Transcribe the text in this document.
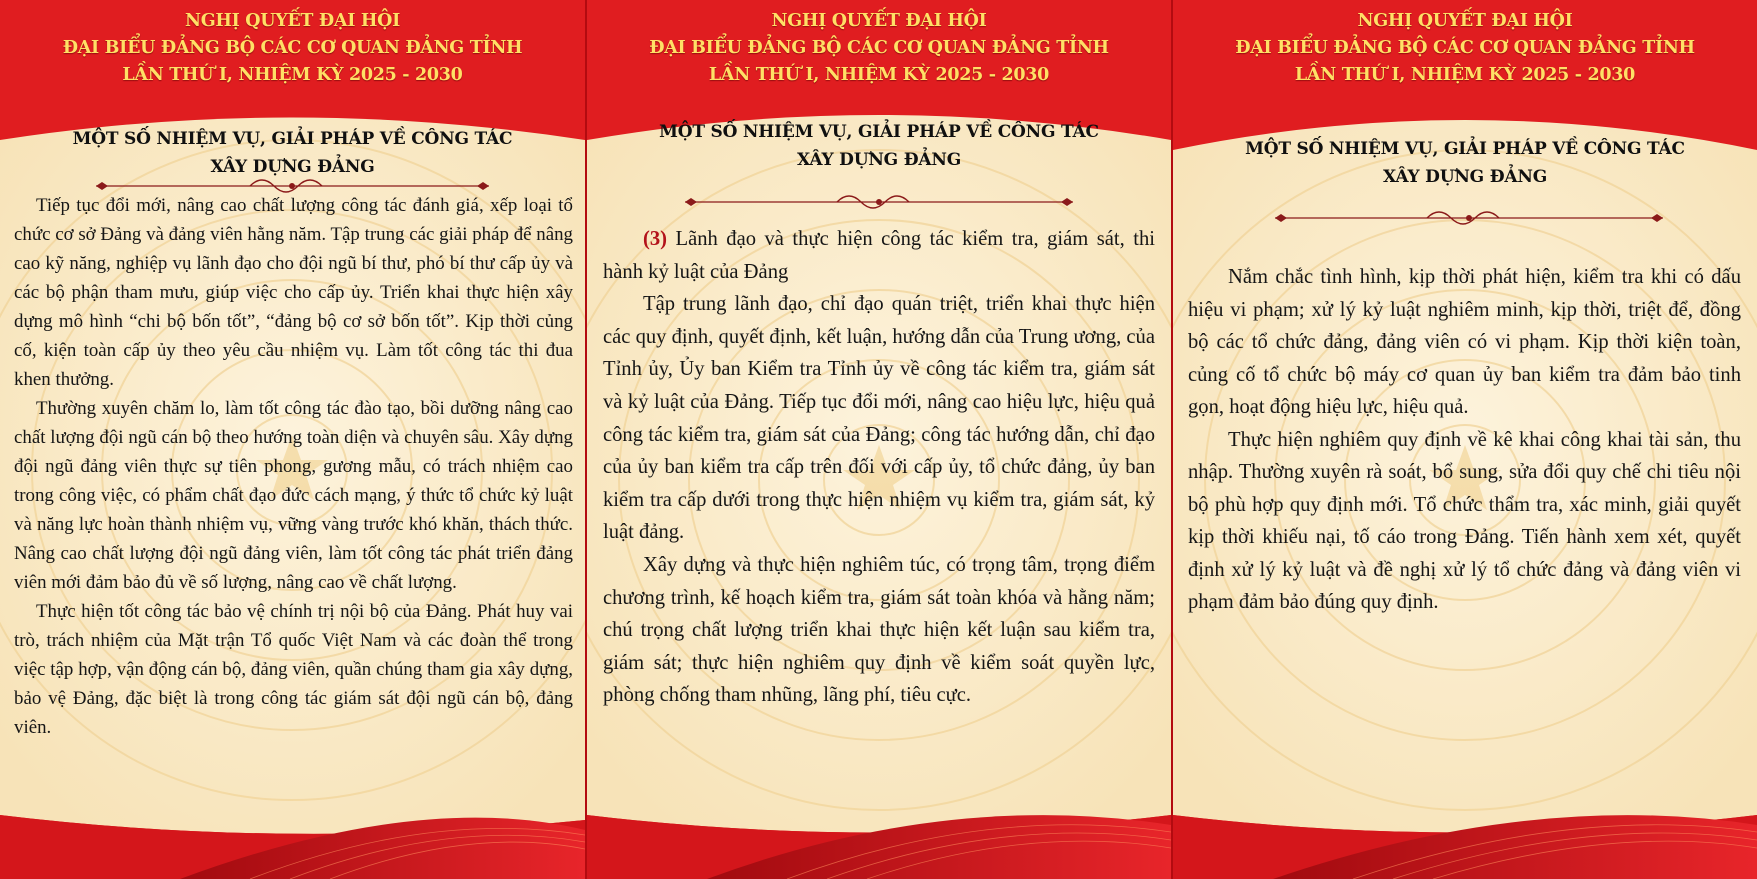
NGHỊ QUYẾT ĐẠI HỘI
ĐẠI BIỂU ĐẢNG BỘ CÁC CƠ QUAN ĐẢNG TỈNH
LẦN THỨ I, NHIỆM KỲ 2025 - 2030
MỘT SỐ NHIỆM VỤ, GIẢI PHÁP VỀ CÔNG TÁC
XÂY DỰNG ĐẢNG

Tiếp tục đổi mới, nâng cao chất lượng công tác đánh giá, xếp loại tổ chức cơ sở Đảng và đảng viên hằng năm. Tập trung các giải pháp để nâng cao kỹ năng, nghiệp vụ lãnh đạo cho đội ngũ bí thư, phó bí thư cấp ủy và các bộ phận tham mưu, giúp việc cho cấp ủy. Triển khai thực hiện xây dựng mô hình “chi bộ bốn tốt”, “đảng bộ cơ sở bốn tốt”. Kịp thời củng cố, kiện toàn cấp ủy theo yêu cầu nhiệm vụ. Làm tốt công tác thi đua khen thưởng.

Thường xuyên chăm lo, làm tốt công tác đào tạo, bồi dưỡng nâng cao chất lượng đội ngũ cán bộ theo hướng toàn diện và chuyên sâu. Xây dựng đội ngũ đảng viên thực sự tiên phong, gương mẫu, có trách nhiệm cao trong công việc, có phẩm chất đạo đức cách mạng, ý thức tổ chức kỷ luật và năng lực hoàn thành nhiệm vụ, vững vàng trước khó khăn, thách thức. Nâng cao chất lượng đội ngũ đảng viên, làm tốt công tác phát triển đảng viên mới đảm bảo đủ về số lượng, nâng cao về chất lượng.

Thực hiện tốt công tác bảo vệ chính trị nội bộ của Đảng. Phát huy vai trò, trách nhiệm của Mặt trận Tổ quốc Việt Nam và các đoàn thể trong việc tập hợp, vận động cán bộ, đảng viên, quần chúng tham gia xây dựng, bảo vệ Đảng, đặc biệt là trong công tác giám sát đội ngũ cán bộ, đảng viên.

NGHỊ QUYẾT ĐẠI HỘI
ĐẠI BIỂU ĐẢNG BỘ CÁC CƠ QUAN ĐẢNG TỈNH
LẦN THỨ I, NHIỆM KỲ 2025 - 2030
MỘT SỐ NHIỆM VỤ, GIẢI PHÁP VỀ CÔNG TÁC
XÂY DỰNG ĐẢNG

(3) Lãnh đạo và thực hiện công tác kiểm tra, giám sát, thi hành kỷ luật của Đảng

Tập trung lãnh đạo, chỉ đạo quán triệt, triển khai thực hiện các quy định, quyết định, kết luận, hướng dẫn của Trung ương, của Tỉnh ủy, Ủy ban Kiểm tra Tỉnh ủy về công tác kiểm tra, giám sát và kỷ luật của Đảng. Tiếp tục đổi mới, nâng cao hiệu lực, hiệu quả công tác kiểm tra, giám sát của Đảng; công tác hướng dẫn, chỉ đạo của ủy ban kiểm tra cấp trên đối với cấp ủy, tổ chức đảng, ủy ban kiểm tra cấp dưới trong thực hiện nhiệm vụ kiểm tra, giám sát, kỷ luật đảng.

Xây dựng và thực hiện nghiêm túc, có trọng tâm, trọng điểm chương trình, kế hoạch kiểm tra, giám sát toàn khóa và hằng năm; chú trọng chất lượng triển khai thực hiện kết luận sau kiểm tra, giám sát; thực hiện nghiêm quy định về kiểm soát quyền lực, phòng chống tham nhũng, lãng phí, tiêu cực.

NGHỊ QUYẾT ĐẠI HỘI
ĐẠI BIỂU ĐẢNG BỘ CÁC CƠ QUAN ĐẢNG TỈNH
LẦN THỨ I, NHIỆM KỲ 2025 - 2030
MỘT SỐ NHIỆM VỤ, GIẢI PHÁP VỀ CÔNG TÁC
XÂY DỰNG ĐẢNG

Nắm chắc tình hình, kịp thời phát hiện, kiểm tra khi có dấu hiệu vi phạm; xử lý kỷ luật nghiêm minh, kịp thời, triệt để, đồng bộ các tổ chức đảng, đảng viên có vi phạm. Kịp thời kiện toàn, củng cố tổ chức bộ máy cơ quan ủy ban kiểm tra đảm bảo tinh gọn, hoạt động hiệu lực, hiệu quả.

Thực hiện nghiêm quy định về kê khai công khai tài sản, thu nhập. Thường xuyên rà soát, bổ sung, sửa đổi quy chế chi tiêu nội bộ phù hợp quy định mới. Tổ chức thẩm tra, xác minh, giải quyết kịp thời khiếu nại, tố cáo trong Đảng. Tiến hành xem xét, quyết định xử lý kỷ luật và đề nghị xử lý tổ chức đảng và đảng viên vi phạm đảm bảo đúng quy định.
